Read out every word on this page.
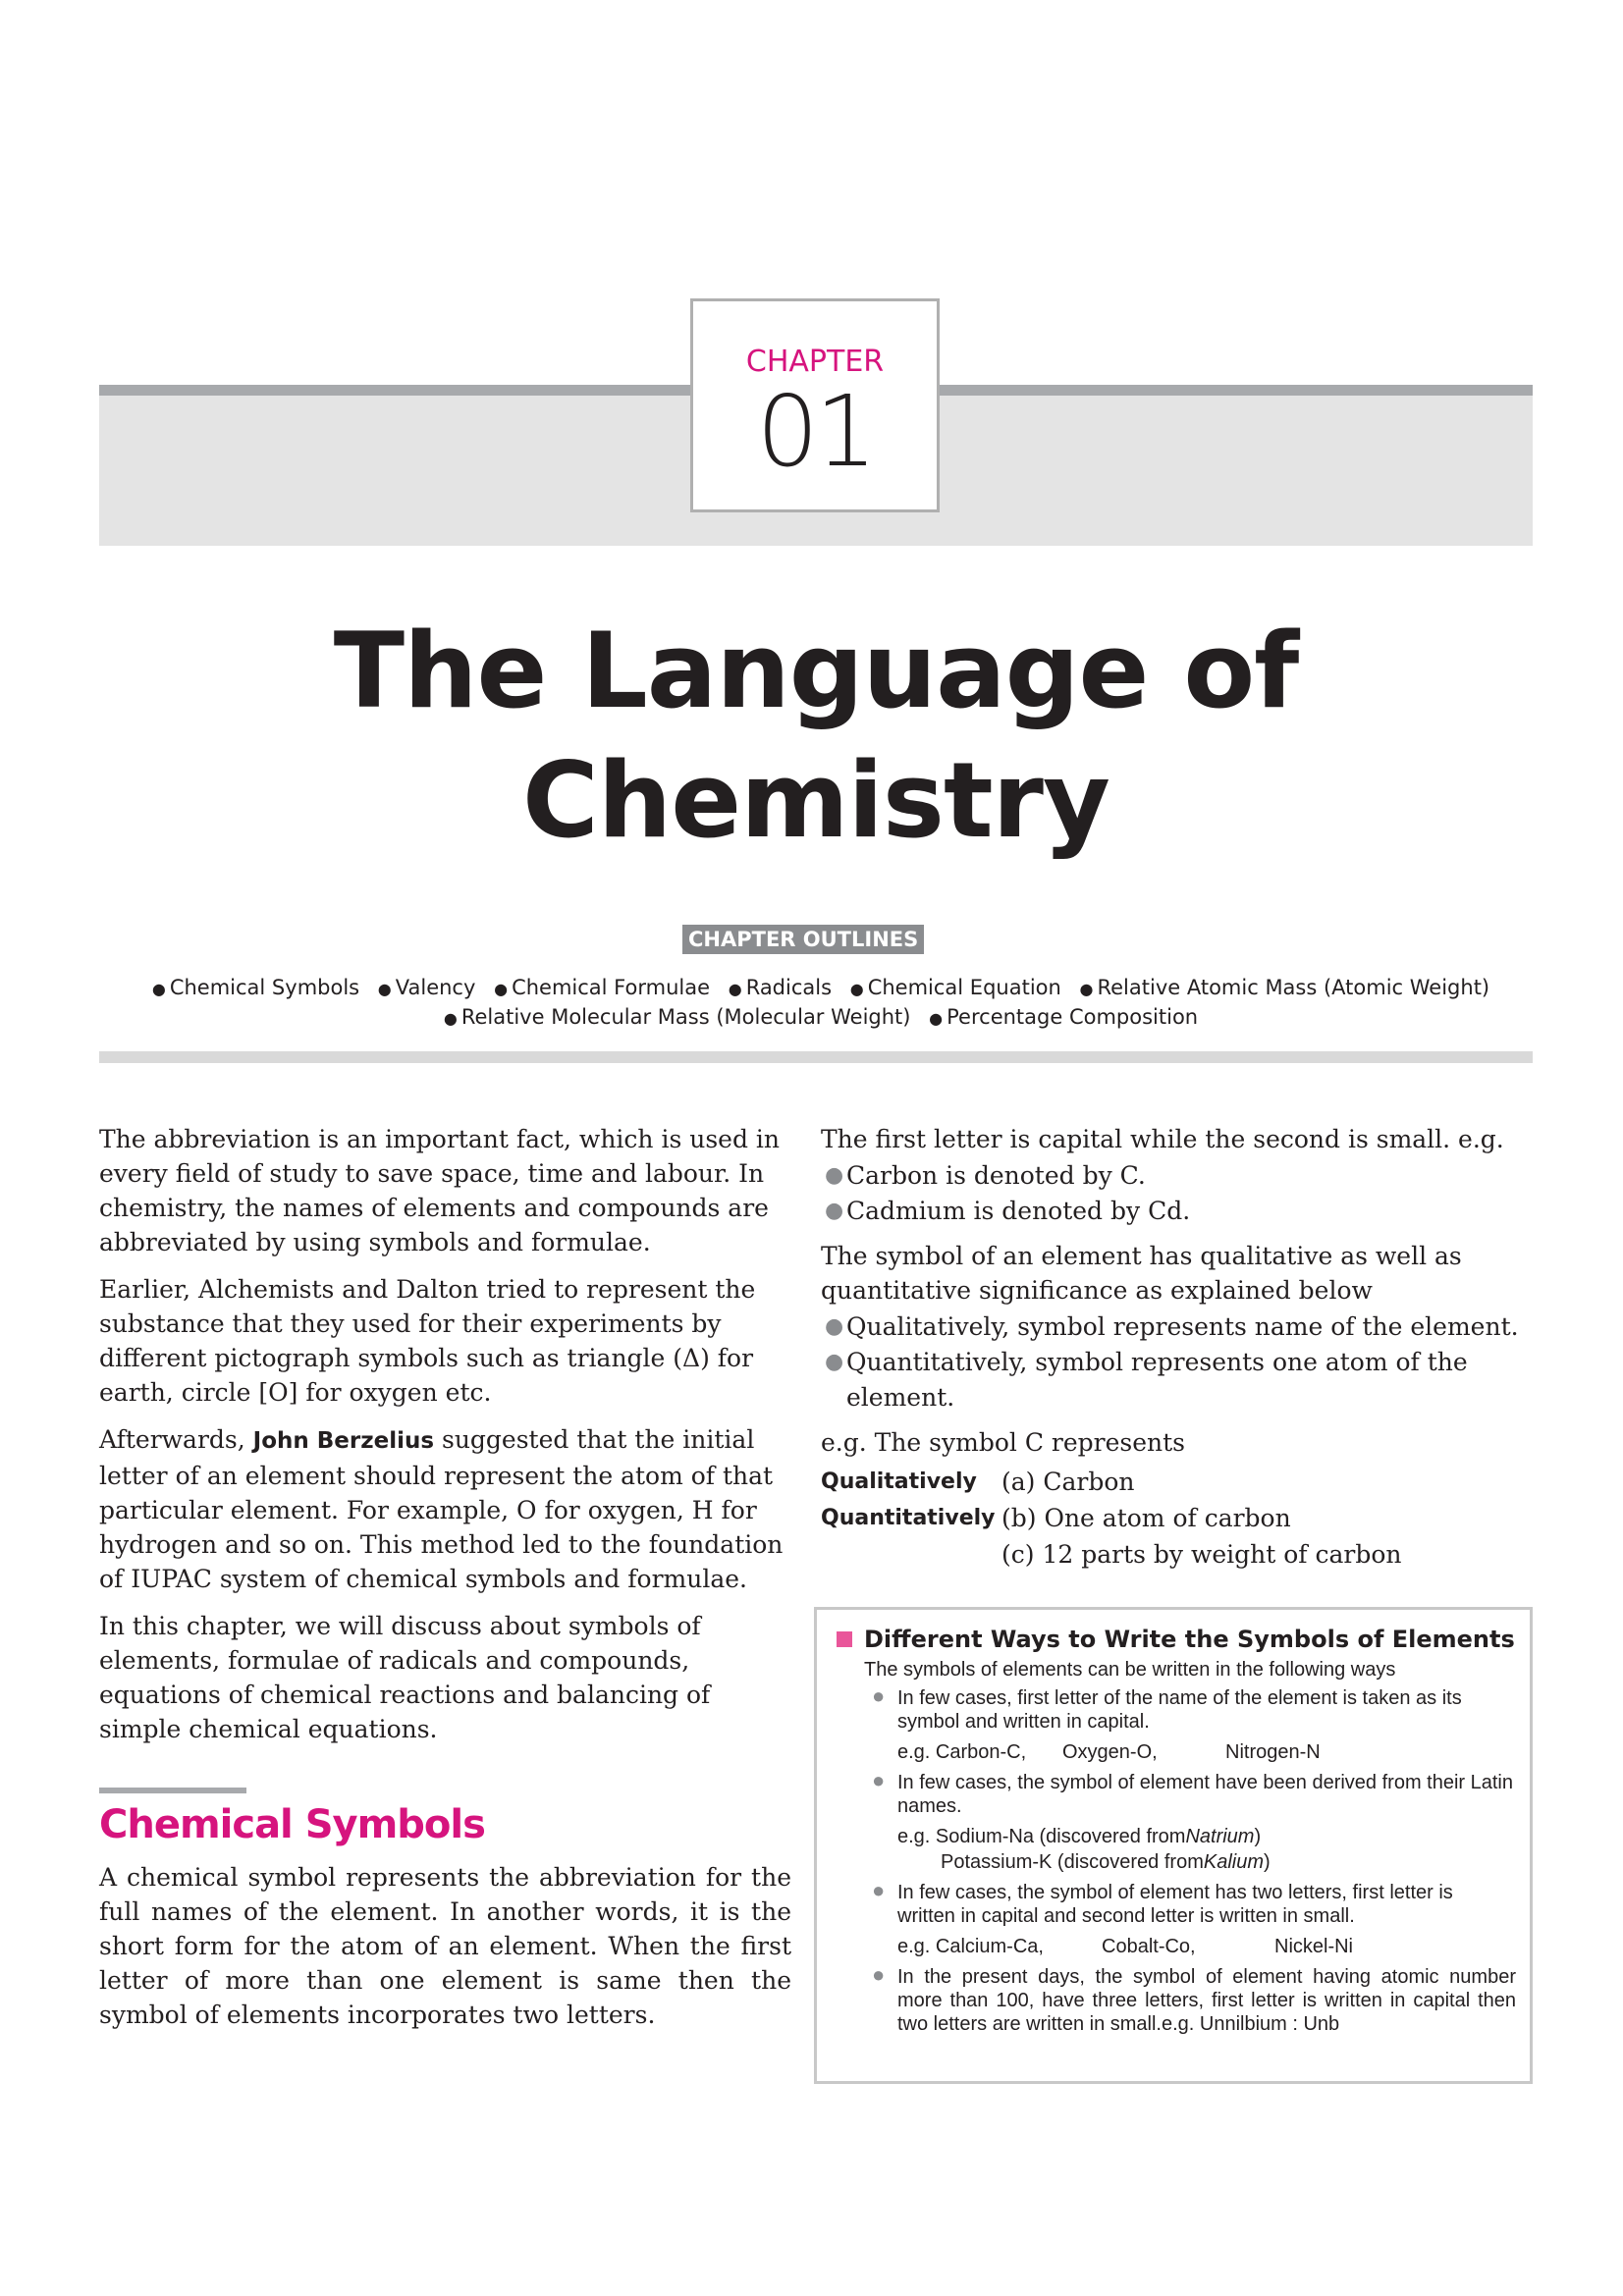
CHAPTER
01
The Language of
Chemistry
CHAPTER OUTLINES
● Chemical Symbols ● Valency ● Chemical Formulae ● Radicals ● Chemical Equation ● Relative Atomic Mass (Atomic Weight) ● Relative Molecular Mass (Molecular Weight) ● Percentage Composition

The abbreviation is an important fact, which is used in every field of study to save space, time and labour. In chemistry, the names of elements and compounds are abbreviated by using symbols and formulae.

Earlier, Alchemists and Dalton tried to represent the substance that they used for their experiments by different pictograph symbols such as triangle (Δ) for earth, circle [O] for oxygen etc.

Afterwards, John Berzelius suggested that the initial letter of an element should represent the atom of that particular element. For example, O for oxygen, H for hydrogen and so on. This method led to the foundation of IUPAC system of chemical symbols and formulae.

In this chapter, we will discuss about symbols of elements, formulae of radicals and compounds, equations of chemical reactions and balancing of simple chemical equations.

Chemical Symbols

A chemical symbol represents the abbreviation for the full names of the element. In another words, it is the short form for the atom of an element. When the first letter of more than one element is same then the symbol of elements incorporates two letters.

The first letter is capital while the second is small. e.g.

● Carbon is denoted by C.
● Cadmium is denoted by Cd.

The symbol of an element has qualitative as well as quantitative significance as explained below

● Qualitatively, symbol represents name of the element.
● Quantitatively, symbol represents one atom of the element.

e.g. The symbol C represents

Qualitatively	(a) Carbon
Quantitatively (b) One atom of carbon
(c) 12 parts by weight of carbon
Different Ways to Write the Symbols of Elements
The symbols of elements can be written in the following ways
● In few cases, first letter of the name of the element is taken as its symbol and written in capital.
e.g. Carbon-C,	Oxygen-O,	Nitrogen-N
● In few cases, the symbol of element have been derived from their Latin names.
e.g. Sodium-Na (discovered fromNatrium)
Potassium-K (discovered fromKalium)
● In few cases, the symbol of element has two letters, first letter is written in capital and second letter is written in small.
e.g. Calcium-Ca,	Cobalt-Co,	Nickel-Ni
● In the present days, the symbol of element having atomic number more than 100, have three letters, first letter is written in capital then two letters are written in small.e.g. Unnilbium : Unb
